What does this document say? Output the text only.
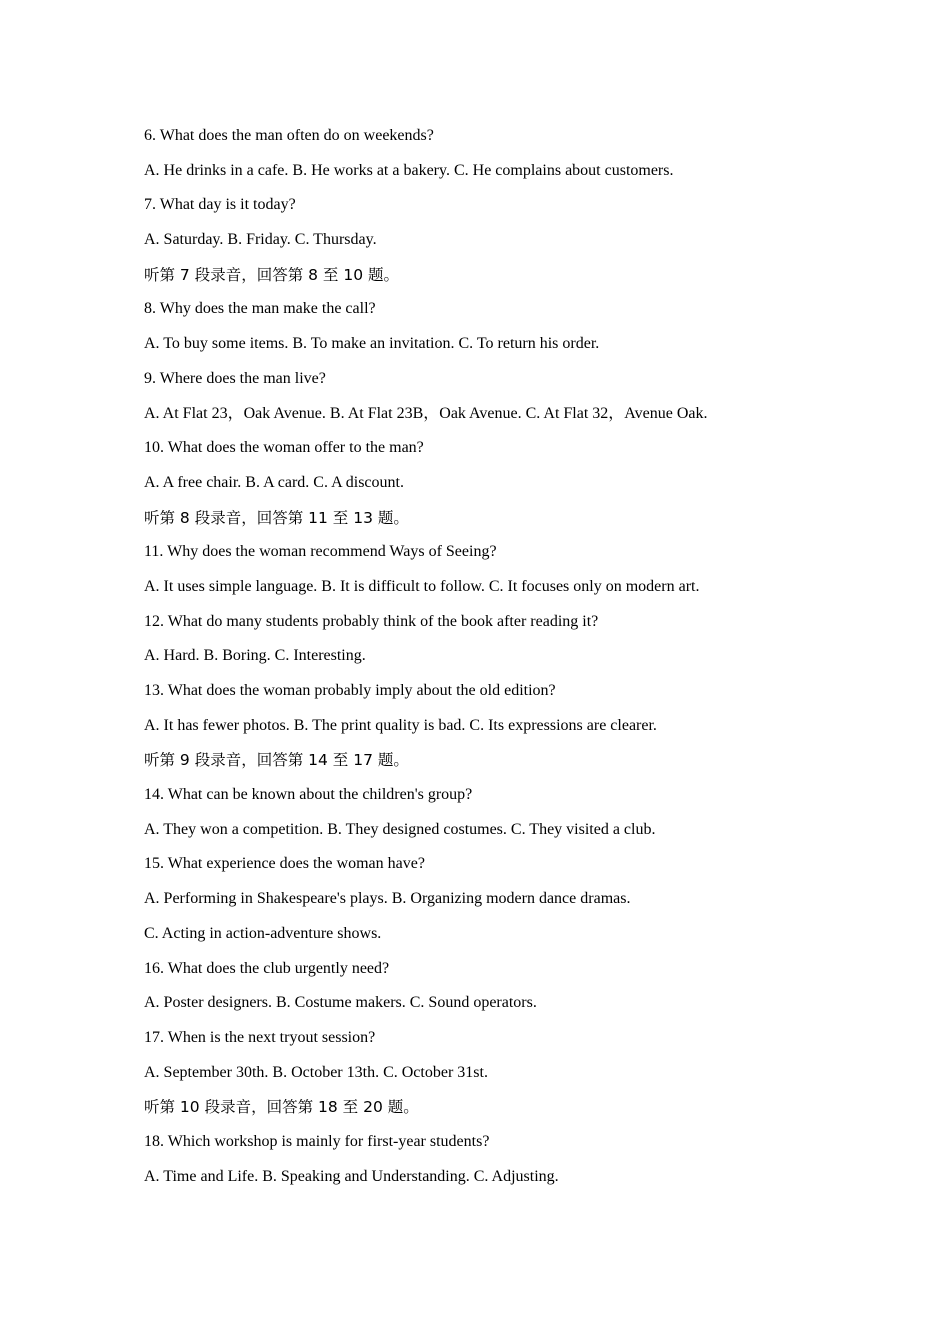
6. What does the man often do on weekends?
A. He drinks in a cafe. B. He works at a bakery. C. He complains about customers.
7. What day is it today?
A. Saturday. B. Friday. C. Thursday.
听第 7 段录音，回答第 8 至 10 题。
8. Why does the man make the call?
A. To buy some items. B. To make an invitation. C. To return his order.
9. Where does the man live?
A. At Flat 23，Oak Avenue. B. At Flat 23B，Oak Avenue. C. At Flat 32，Avenue Oak.
10. What does the woman offer to the man?
A. A free chair. B. A card. C. A discount.
听第 8 段录音，回答第 11 至 13 题。
11. Why does the woman recommend Ways of Seeing?
A. It uses simple language. B. It is difficult to follow. C. It focuses only on modern art.
12. What do many students probably think of the book after reading it?
A. Hard. B. Boring. C. Interesting.
13. What does the woman probably imply about the old edition?
A. It has fewer photos. B. The print quality is bad. C. Its expressions are clearer.
听第 9 段录音，回答第 14 至 17 题。
14. What can be known about the children's group?
A. They won a competition. B. They designed costumes. C. They visited a club.
15. What experience does the woman have?
A. Performing in Shakespeare's plays. B. Organizing modern dance dramas.
C. Acting in action-adventure shows.
16. What does the club urgently need?
A. Poster designers. B. Costume makers. C. Sound operators.
17. When is the next tryout session?
A. September 30th. B. October 13th. C. October 31st.
听第 10 段录音，回答第 18 至 20 题。
18. Which workshop is mainly for first-year students?
A. Time and Life. B. Speaking and Understanding. C. Adjusting.
